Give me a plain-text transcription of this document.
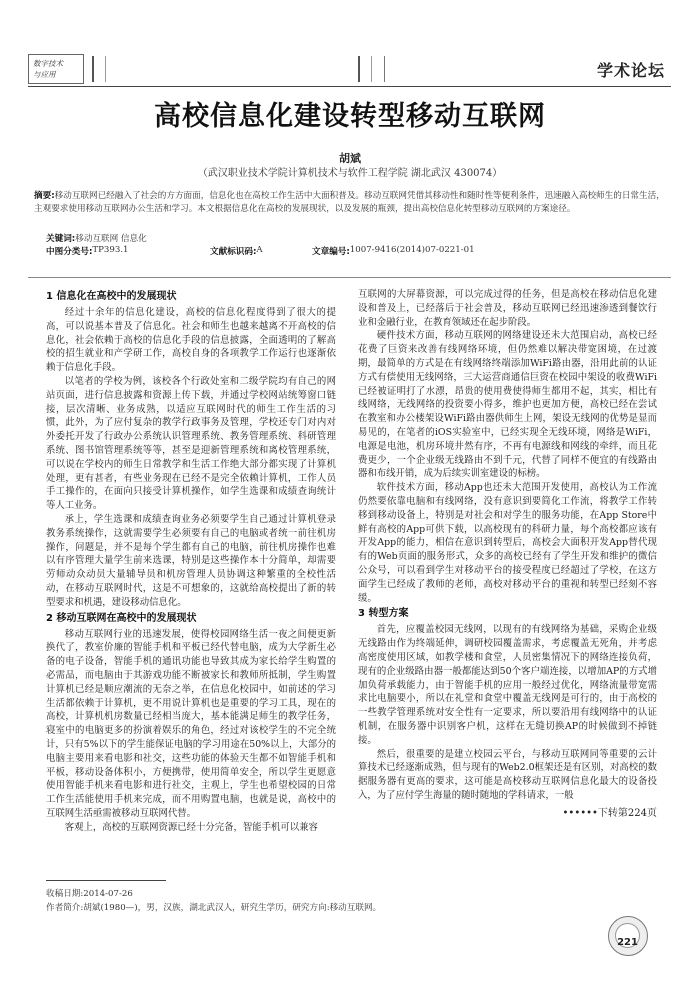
数字技术
与应用	学术论坛
高校信息化建设转型移动互联网
胡斌
（武汉职业技术学院计算机技术与软件工程学院 湖北武汉 430074）
摘要:移动互联网已经融入了社会的方方面面，信息化也在高校工作生活中大面积普及。移动互联网凭借其移动性和随时性等便利条件，迅速融入高校师生的日常生活，主观要求使用移动互联网办公生活和学习。本文根据信息化在高校的发展现状，以及发展的瓶颈，提出高校信息化转型移动互联网的方案途径。
关键词:移动互联网 信息化
中图分类号: TP393.1	文献标识码: A	文章编号: 1007-9416(2014)07-0221-01
1 信息化在高校中的发展现状

经过十余年的信息化建设，高校的信息化程度得到了很大的提高，可以说基本普及了信息化。社会和师生也越来越离不开高校的信息化，社会依赖于高校的信息化手段的信息披露，全面透明的了解高校的招生就业和产学研工作，高校自身的各项教学工作运行也逐渐依赖于信息化手段。

以笔者的学校为例，该校各个行政处室和二级学院均有自己的网站页面，进行信息披露和资源上传下载，并通过学校网站统筹窗口链接，层次清晰、业务成熟，以适应互联网时代的师生工作生活的习惯，此外，为了应付复杂的教学行政事务及管理，学校还专门对内对外委托开发了行政办公系统认识管理系统、教务管理系统、科研管理系统、图书馆管理系统等等，甚至是迎新管理系统和离校管理系统，可以说在学校内的师生日常教学和生活工作绝大部分都实现了计算机处理，更有甚者，有些业务现在已经不是完全依赖计算机，工作人员手工操作的，在面向只接受计算机操作，如学生选课和成绩查询统计等人工业务。

承上，学生选课和成绩查询业务必须要学生自己通过计算机登录教务系统操作，这就需要学生必须要有自己的电脑或者统一前往机房操作，问题是，并不是每个学生都有自己的电脑，前往机房操作也难以有序管理大量学生前来选课，特别是这些操作本十分简单，却需要劳师动众动员大量辅导员和机房管理人员协调这种繁重的全校性活动，在移动互联网时代，这是不可想象的，这就给高校提出了新的转型要求和机遇，建设移动信息化。

2 移动互联网在高校中的发展现状

移动互联网行业的迅速发展，使得校园网络生活一夜之间便更新换代了，教室价廉的智能手机和平板已经代替电脑，成为大学新生必备的电子设备，智能手机的通讯功能也导致其成为家长给学生购置的必需品，而电脑由于其游戏功能不断被家长和教师所抵制，学生购置计算机已经是顺应潮流的无奈之举，在信息化校园中，如前述的学习生活都依赖于计算机，更不用说计算机也是重要的学习工具，现在的高校，计算机机房数量已经相当庞大，基本能满足师生的教学任务，寝室中的电脑更多的扮演着娱乐的角色，经过对该校学生的不完全统计，只有5%以下的学生能保证电脑的学习用途在50%以上，大部分的电脑主要用来看电影和社交，这些功能的体验天生都不如智能手机和平板，移动设备体积小，方便携带，使用简单安全，所以学生更愿意使用智能手机来看电影和进行社交，主观上，学生也希望校园的日常工作生活能使用手机来完成，而不用购置电脑，也就是说，高校中的互联网生活亟需被移动互联网代替。

客观上，高校的互联网资源已经十分完备，智能手机可以兼容

互联网的大屏幕资源，可以完成过得的任务，但是高校在移动信息化建设和普及上，已经落后于社会普及，移动互联网已经迅速渗透到餐饮行业和金融行业，在教育领域还在起步阶段。

硬件技术方面，移动互联网的网络建设还未大范围启动，高校已经花费了巨资来改善有线网络环境，但仍然难以解决带宽困境，在过渡期，最简单的方式是在有线网络终端添加WiFi路由器，沿用此前的认证方式有偿使用无线网络，三大运营商通信巨资在校园中架设的收费WiFi已经被证明打了水漂，昂贵的使用费使得师生都用不起，其实，相比有线网络，无线网络的投资要小得多，维护也更加方便，高校已经在尝试在教室和办公楼架设WiFi路由器供师生上网，架设无线网的优势是显而易见的，在笔者的iOS实验室中，已经实现全无线环境，网络是WiFi，电源是电池，机房环境井然有序，不再有电源线和网线的牵绊，而且花费更少，一个企业级无线路由不到千元，代替了同样不便宜的有线路由器和布线开销，成为后续实训室建设的标榜。

软件技术方面，移动App也还未大范围开发使用，高校认为工作流仍然要依靠电脑和有线网络，没有意识到要简化工作流，将教学工作转移到移动设备上，特别是对社会和对学生的服务功能，在App Store中鲜有高校的App可供下载，以高校现有的科研力量，每个高校都应该有开发App的能力，相信在意识到转型后，高校会大面积开发App替代现有的Web页面的服务形式，众多的高校已经有了学生开发和维护的微信公众号，可以看到学生对移动平台的接受程度已经超过了学校，在这方面学生已经成了教师的老师，高校对移动平台的重视和转型已经刻不容缓。

3 转型方案

首先，应覆盖校园无线网，以现有的有线网络为基础，采购企业级无线路由作为终端延伸，调研校园覆盖需求，考虑覆盖无死角，并考虑高密度使用区域，如教学楼和食堂，人员密集情况下的网络连接负荷，现有的企业级路由器一般都能达到50个客户端连接，以增加AP的方式增加负荷承载能力，由于智能手机的应用一般经过优化，网络流量带宽需求比电脑要小，所以在礼堂和食堂中覆盖无线网是可行的，由于高校的一些教学管理系统对安全性有一定要求，所以要沿用有线网络中的认证机制，在服务器中识别客户机，这样在无缝切换AP的时候做到不掉链接。

然后，很重要的是建立校园云平台，与移动互联网同等重要的云计算技术已经逐渐成熟，但与现有的Web2.0框架还是有区别，对高校的数据服务器有更高的要求，这可能是高校移动互联网信息化最大的设备投入，为了应付学生海量的随时随地的学科请求，一般

••••••下转第224页
收稿日期:2014-07-26
作者简介:胡斌(1980—)，男，汉族，湖北武汉人，研究生学历，研究方向:移动互联网。
221
